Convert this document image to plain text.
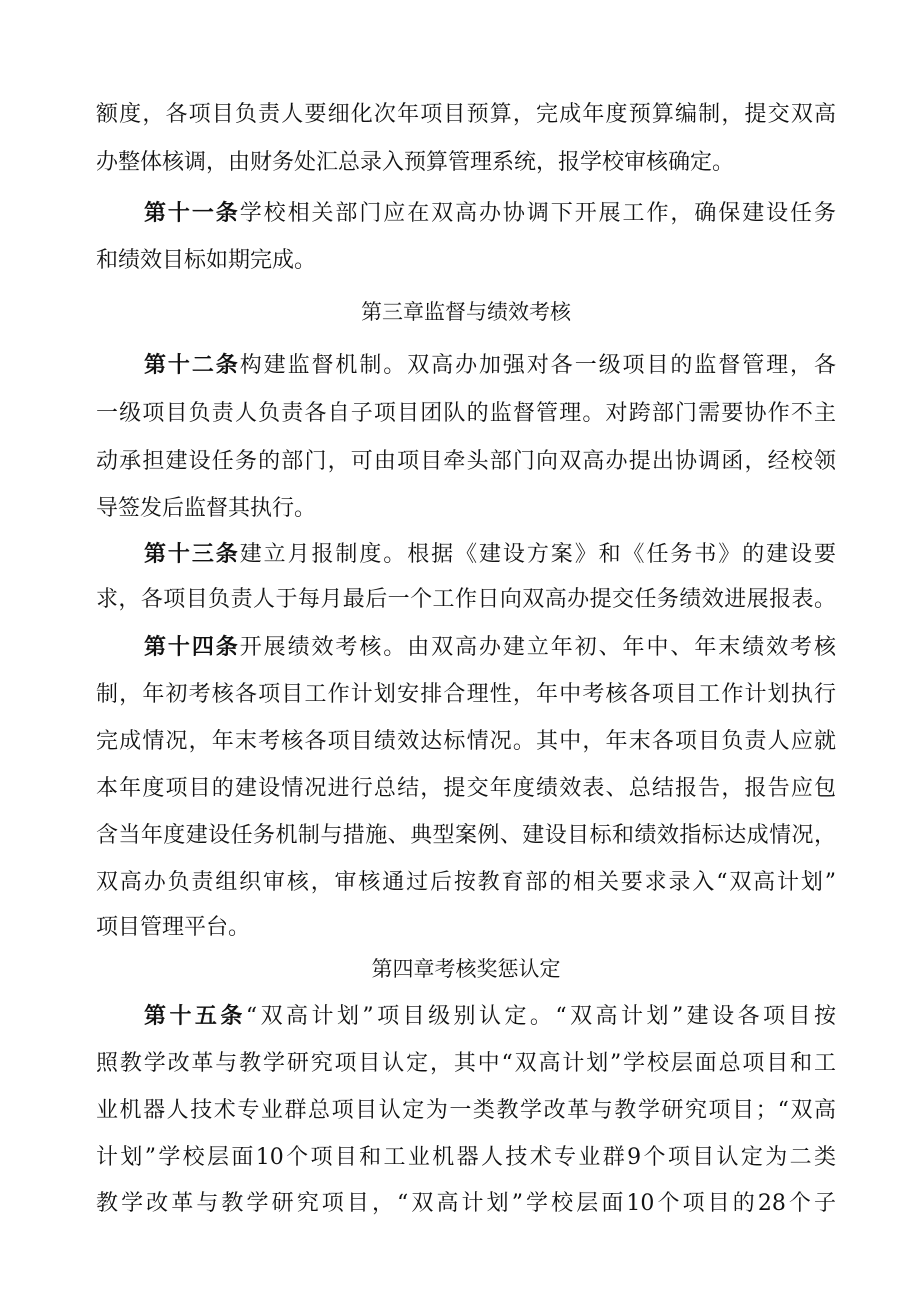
额度，各项目负责人要细化次年项目预算，完成年度预算编制，提交双高
办整体核调，由财务处汇总录入预算管理系统，报学校审核确定。
第十一条学校相关部门应在双高办协调下开展工作，确保建设任务
和绩效目标如期完成。
第三章监督与绩效考核
第十二条构建监督机制。双高办加强对各一级项目的监督管理，各
一级项目负责人负责各自子项目团队的监督管理。对跨部门需要协作不主
动承担建设任务的部门，可由项目牵头部门向双高办提出协调函，经校领
导签发后监督其执行。
第十三条建立月报制度。根据《建设方案》和《任务书》的建设要
求，各项目负责人于每月最后一个工作日向双高办提交任务绩效进展报表。
第十四条开展绩效考核。由双高办建立年初、年中、年末绩效考核
制，年初考核各项目工作计划安排合理性，年中考核各项目工作计划执行
完成情况，年末考核各项目绩效达标情况。其中，年末各项目负责人应就
本年度项目的建设情况进行总结，提交年度绩效表、总结报告，报告应包
含当年度建设任务机制与措施、典型案例、建设目标和绩效指标达成情况，
双高办负责组织审核，审核通过后按教育部的相关要求录入“双高计划”
项目管理平台。
第四章考核奖惩认定
第十五条“双高计划”项目级别认定。“双高计划”建设各项目按
照教学改革与教学研究项目认定，其中“双高计划”学校层面总项目和工
业机器人技术专业群总项目认定为一类教学改革与教学研究项目；“双高
计划”学校层面10个项目和工业机器人技术专业群9个项目认定为二类
教学改革与教学研究项目，“双高计划”学校层面10个项目的28个子
